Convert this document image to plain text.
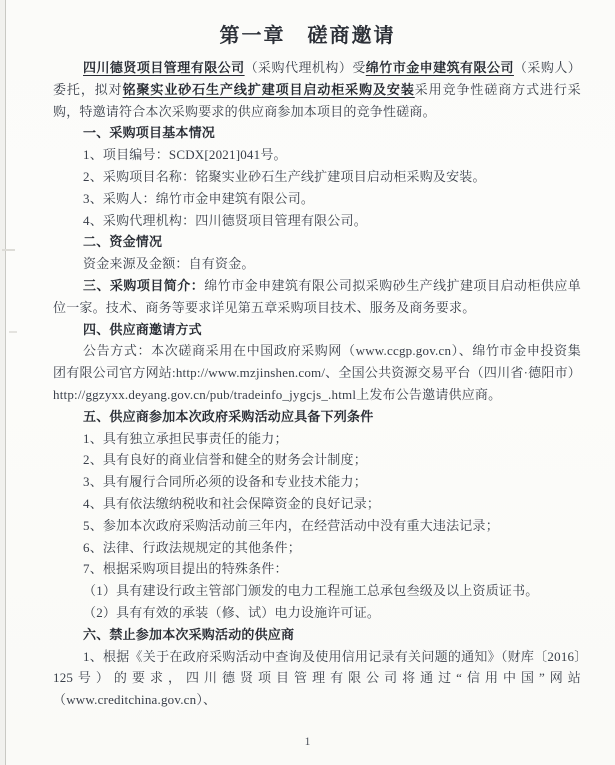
第一章　磋商邀请

四川德贤项目管理有限公司（采购代理机构）受绵竹市金申建筑有限公司（采购人）委托，拟对铭聚实业砂石生产线扩建项目启动柜采购及安装采用竞争性磋商方式进行采购，特邀请符合本次采购要求的供应商参加本项目的竞争性磋商。

一、采购项目基本情况

1、项目编号：SCDX[2021]041号。

2、采购项目名称：铭聚实业砂石生产线扩建项目启动柜采购及安装。

3、采购人：绵竹市金申建筑有限公司。

4、采购代理机构：四川德贤项目管理有限公司。

二、资金情况

资金来源及金额：自有资金。

三、采购项目简介：绵竹市金申建筑有限公司拟采购砂生产线扩建项目启动柜供应单位一家。技术、商务等要求详见第五章采购项目技术、服务及商务要求。

四、供应商邀请方式

公告方式：本次磋商采用在中国政府采购网（www.ccgp.gov.cn）、绵竹市金申投资集团有限公司官方网站:http://www.mzjinshen.com/、全国公共资源交易平台（四川省·德阳市）http://ggzyxx.deyang.gov.cn/pub/tradeinfo_jygcjs_.html上发布公告邀请供应商。

五、供应商参加本次政府采购活动应具备下列条件

1、具有独立承担民事责任的能力；

2、具有良好的商业信誉和健全的财务会计制度；

3、具有履行合同所必须的设备和专业技术能力；

4、具有依法缴纳税收和社会保障资金的良好记录；

5、参加本次政府采购活动前三年内，在经营活动中没有重大违法记录；

6、法律、行政法规规定的其他条件；

7、根据采购项目提出的特殊条件：

（1）具有建设行政主管部门颁发的电力工程施工总承包叁级及以上资质证书。

（2）具有有效的承装（修、试）电力设施许可证。

六、禁止参加本次采购活动的供应商

1、根据《关于在政府采购活动中查询及使用信用记录有关问题的通知》（财库〔2016〕125号）的要求，四川德贤项目管理有限公司将通过“信用中国”网站（www.creditchina.gov.cn）、

1
